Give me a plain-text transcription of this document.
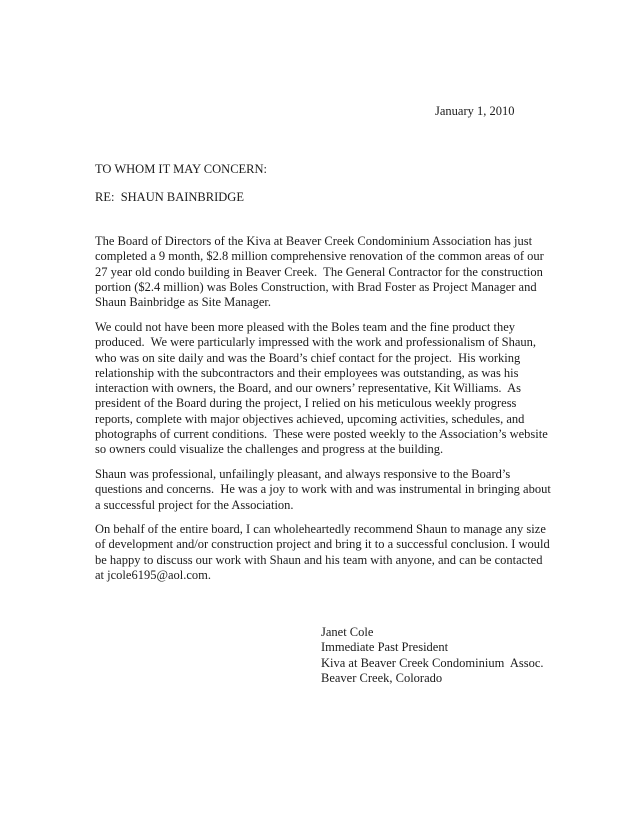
January 1, 2010
TO WHOM IT MAY CONCERN:
RE:  SHAUN BAINBRIDGE
The Board of Directors of the Kiva at Beaver Creek Condominium Association has just completed a 9 month, $2.8 million comprehensive renovation of the common areas of our 27 year old condo building in Beaver Creek.  The General Contractor for the construction portion ($2.4 million) was Boles Construction, with Brad Foster as Project Manager and Shaun Bainbridge as Site Manager.
We could not have been more pleased with the Boles team and the fine product they produced.  We were particularly impressed with the work and professionalism of Shaun, who was on site daily and was the Board’s chief contact for the project.  His working relationship with the subcontractors and their employees was outstanding, as was his interaction with owners, the Board, and our owners’ representative, Kit Williams.  As president of the Board during the project, I relied on his meticulous weekly progress reports, complete with major objectives achieved, upcoming activities, schedules, and photographs of current conditions.  These were posted weekly to the Association’s website so owners could visualize the challenges and progress at the building.
Shaun was professional, unfailingly pleasant, and always responsive to the Board’s questions and concerns.  He was a joy to work with and was instrumental in bringing about a successful project for the Association.
On behalf of the entire board, I can wholeheartedly recommend Shaun to manage any size of development and/or construction project and bring it to a successful conclusion. I would be happy to discuss our work with Shaun and his team with anyone, and can be contacted at jcole6195@aol.com.
Janet Cole
Immediate Past President
Kiva at Beaver Creek Condominium  Assoc.
Beaver Creek, Colorado
